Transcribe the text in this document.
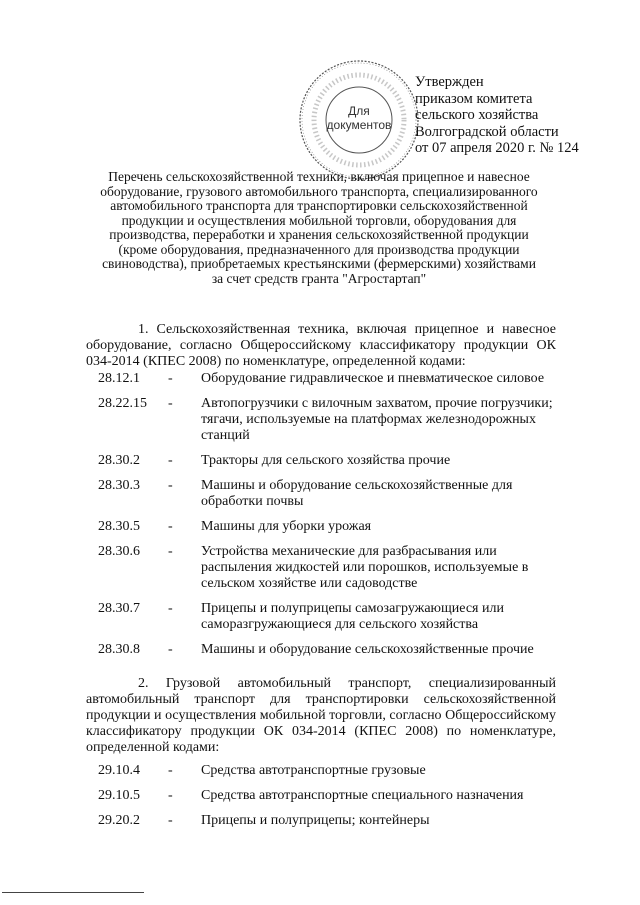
Для
документов
Утвержден
приказом комитета
сельского хозяйства
Волгоградской области
от 07 апреля 2020 г. № 124
Перечень сельскохозяйственной техники, включая прицепное и навесное
оборудование, грузового автомобильного транспорта, специализированного
автомобильного транспорта для транспортировки сельскохозяйственной
продукции и осуществления мобильной торговли, оборудования для
производства, переработки и хранения сельскохозяйственной продукции
(кроме оборудования, предназначенного для производства продукции
свиноводства), приобретаемых крестьянскими (фермерскими) хозяйствами
за счет средств гранта "Агростартап"
1. Сельскохозяйственная техника, включая прицепное и навесное оборудование, согласно Общероссийскому классификатору продукции ОК 034-2014 (КПЕС 2008) по номенклатуре, определенной кодами:
28.12.1	-	Оборудование гидравлическое и пневматическое силовое
28.22.15	-	Автопогрузчики с вилочным захватом, прочие погрузчики; тягачи, используемые на платформах железнодорожных станций
28.30.2	-	Тракторы для сельского хозяйства прочие
28.30.3	-	Машины и оборудование сельскохозяйственные для обработки почвы
28.30.5	-	Машины для уборки урожая
28.30.6	-	Устройства механические для разбрасывания или распыления жидкостей или порошков, используемые в сельском хозяйстве или садоводстве
28.30.7	-	Прицепы и полуприцепы самозагружающиеся или саморазгружающиеся для сельского хозяйства
28.30.8	-	Машины и оборудование сельскохозяйственные прочие
2. Грузовой автомобильный транспорт, специализированный автомобильный транспорт для транспортировки сельскохозяйственной продукции и осуществления мобильной торговли, согласно Общероссийскому классификатору продукции ОК 034-2014 (КПЕС 2008) по номенклатуре, определенной кодами:
29.10.4	-	Средства автотранспортные грузовые
29.10.5	-	Средства автотранспортные специального назначения
29.20.2	-	Прицепы и полуприцепы; контейнеры
